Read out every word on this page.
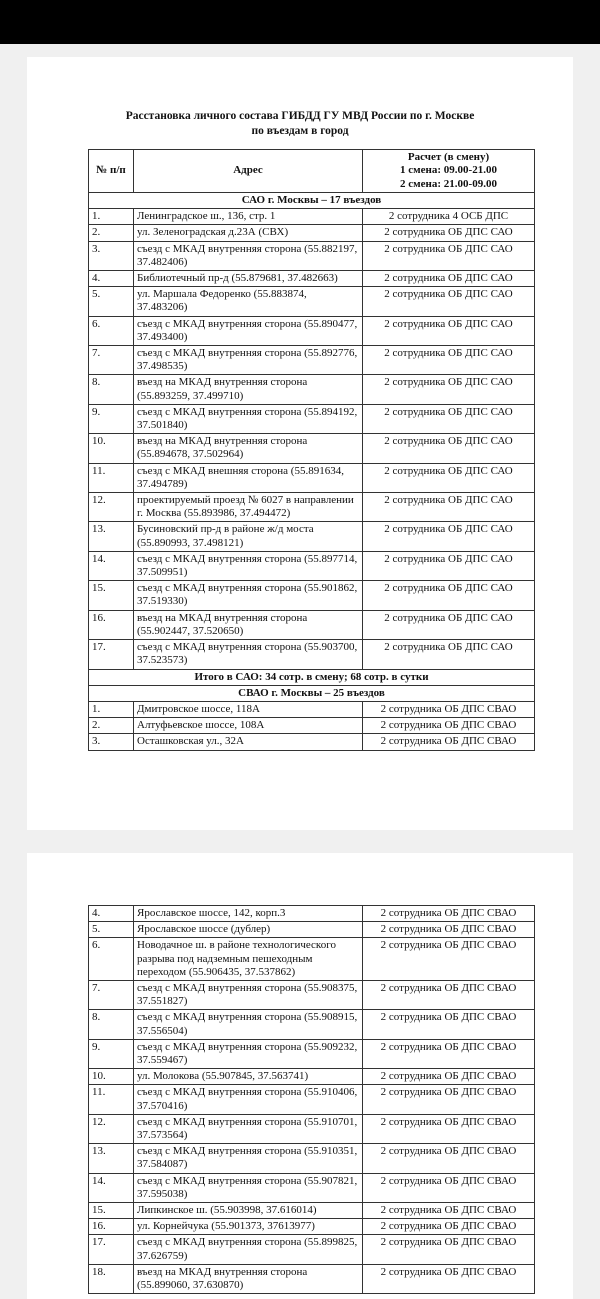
Расстановка личного состава ГИБДД ГУ МВД России по г. Москве
по въездам в город
№ п/п	Адрес	Расчет (в смену)
1 смена: 09.00-21.00
2 смена: 21.00-09.00

САО г. Москвы – 17 въездов		
1.	Ленинградское ш., 136, стр. 1	2 сотрудника 4 ОСБ ДПС
2.	ул. Зеленоградская д.23А (СВХ)	2 сотрудника ОБ ДПС САО
3.	съезд с МКАД внутренняя сторона (55.882197, 37.482406)	2 сотрудника ОБ ДПС САО
4.	Библиотечный пр-д (55.879681, 37.482663)	2 сотрудника ОБ ДПС САО
5.	ул. Маршала Федоренко (55.883874, 37.483206)	2 сотрудника ОБ ДПС САО
6.	съезд с МКАД внутренняя сторона (55.890477, 37.493400)	2 сотрудника ОБ ДПС САО
7.	съезд с МКАД внутренняя сторона (55.892776, 37.498535)	2 сотрудника ОБ ДПС САО
8.	въезд на МКАД внутренняя сторона (55.893259, 37.499710)	2 сотрудника ОБ ДПС САО
9.	съезд с МКАД внутренняя сторона (55.894192, 37.501840)	2 сотрудника ОБ ДПС САО
10.	въезд на МКАД внутренняя сторона (55.894678, 37.502964)	2 сотрудника ОБ ДПС САО
11.	съезд с МКАД внешняя сторона (55.891634, 37.494789)	2 сотрудника ОБ ДПС САО
12.	проектируемый проезд № 6027 в направлении г. Москва (55.893986, 37.494472)	2 сотрудника ОБ ДПС САО
13.	Бусиновский пр-д в районе ж/д моста (55.890993, 37.498121)	2 сотрудника ОБ ДПС САО
14.	съезд с МКАД внутренняя сторона (55.897714, 37.509951)	2 сотрудника ОБ ДПС САО
15.	съезд с МКАД внутренняя сторона (55.901862, 37.519330)	2 сотрудника ОБ ДПС САО
16.	въезд на МКАД внутренняя сторона (55.902447, 37.520650)	2 сотрудника ОБ ДПС САО
17.	съезд с МКАД внутренняя сторона (55.903700, 37.523573)	2 сотрудника ОБ ДПС САО
Итого в САО: 34 сотр. в смену; 68 сотр. в сутки		
СВАО г. Москвы – 25 въездов		
1.	Дмитровское шоссе, 118А	2 сотрудника ОБ ДПС СВАО
2.	Алтуфьевское шоссе, 108А	2 сотрудника ОБ ДПС СВАО
3.	Осташковская ул., 32А	2 сотрудника ОБ ДПС СВАО
4.	Ярославское шоссе, 142, корп.3	2 сотрудника ОБ ДПС СВАО
5.	Ярославское шоссе (дублер)	2 сотрудника ОБ ДПС СВАО
6.	Новодачное ш. в районе технологического разрыва под надземным пешеходным переходом (55.906435, 37.537862)	2 сотрудника ОБ ДПС СВАО
7.	съезд с МКАД внутренняя сторона (55.908375, 37.551827)	2 сотрудника ОБ ДПС СВАО
8.	съезд с МКАД внутренняя сторона (55.908915, 37.556504)	2 сотрудника ОБ ДПС СВАО
9.	съезд с МКАД внутренняя сторона (55.909232, 37.559467)	2 сотрудника ОБ ДПС СВАО
10.	ул. Молокова (55.907845, 37.563741)	2 сотрудника ОБ ДПС СВАО
11.	съезд с МКАД внутренняя сторона (55.910406, 37.570416)	2 сотрудника ОБ ДПС СВАО
12.	съезд с МКАД внутренняя сторона (55.910701, 37.573564)	2 сотрудника ОБ ДПС СВАО
13.	съезд с МКАД внутренняя сторона (55.910351, 37.584087)	2 сотрудника ОБ ДПС СВАО
14.	съезд с МКАД внутренняя сторона (55.907821, 37.595038)	2 сотрудника ОБ ДПС СВАО
15.	Липкинское ш. (55.903998, 37.616014)	2 сотрудника ОБ ДПС СВАО
16.	ул. Корнейчука (55.901373, 37613977)	2 сотрудника ОБ ДПС СВАО
17.	съезд с МКАД внутренняя сторона (55.899825, 37.626759)	2 сотрудника ОБ ДПС СВАО
18.	въезд на МКАД внутренняя сторона (55.899060, 37.630870)	2 сотрудника ОБ ДПС СВАО
